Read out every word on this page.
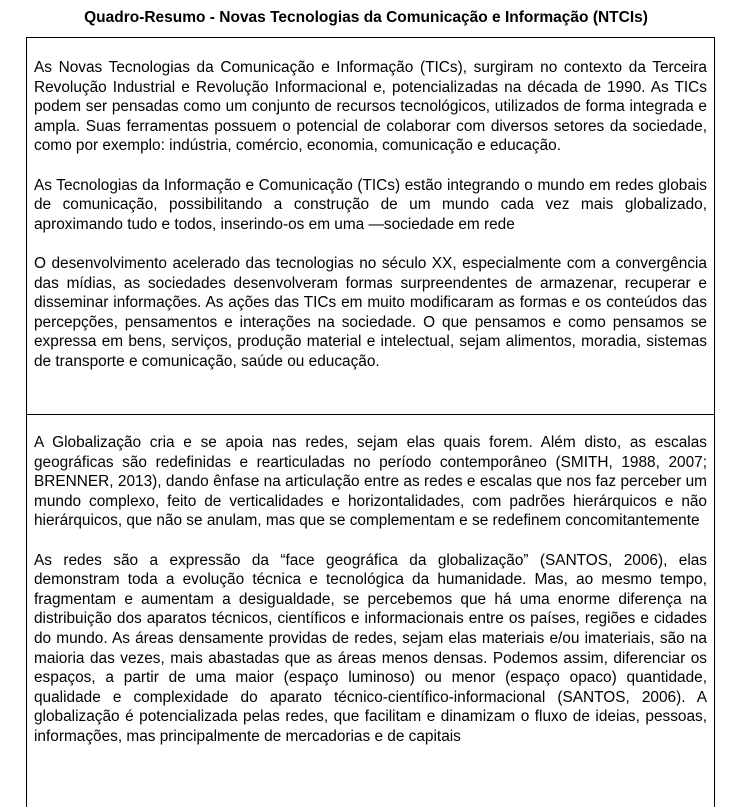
Quadro-Resumo - Novas Tecnologias da Comunicação e Informação (NTCIs)

As Novas Tecnologias da Comunicação e Informação (TICs), surgiram no contexto da Terceira Revolução Industrial e Revolução Informacional e, potencializadas na década de 1990. As TICs podem ser pensadas como um conjunto de recursos tecnológicos, utilizados de forma integrada e ampla. Suas ferramentas possuem o potencial de colaborar com diversos setores da sociedade, como por exemplo: indústria, comércio, economia, comunicação e educação.

As Tecnologias da Informação e Comunicação (TICs) estão integrando o mundo em redes globais de comunicação, possibilitando a construção de um mundo cada vez mais globalizado, aproximando tudo e todos, inserindo-os em uma ―sociedade em rede

O desenvolvimento acelerado das tecnologias no século XX, especialmente com a convergência das mídias, as sociedades desenvolveram formas surpreendentes de armazenar, recuperar e disseminar informações. As ações das TICs em muito modificaram as formas e os conteúdos das percepções, pensamentos e interações na sociedade. O que pensamos e como pensamos se expressa em bens, serviços, produção material e intelectual, sejam alimentos, moradia, sistemas de transporte e comunicação, saúde ou educação.

A Globalização cria e se apoia nas redes, sejam elas quais forem. Além disto, as escalas geográficas são redefinidas e rearticuladas no período contemporâneo (SMITH, 1988, 2007; BRENNER, 2013), dando ênfase na articulação entre as redes e escalas que nos faz perceber um mundo complexo, feito de verticalidades e horizontalidades, com padrões hierárquicos e não hierárquicos, que não se anulam, mas que se complementam e se redefinem concomitantemente

As redes são a expressão da “face geográfica da globalização” (SANTOS, 2006), elas demonstram toda a evolução técnica e tecnológica da humanidade. Mas, ao mesmo tempo, fragmentam e aumentam a desigualdade, se percebemos que há uma enorme diferença na distribuição dos aparatos técnicos, científicos e informacionais entre os países, regiões e cidades do mundo. As áreas densamente providas de redes, sejam elas materiais e/ou imateriais, são na maioria das vezes, mais abastadas que as áreas menos densas. Podemos assim, diferenciar os espaços, a partir de uma maior (espaço luminoso) ou menor (espaço opaco) quantidade, qualidade e complexidade do aparato técnico-científico-informacional (SANTOS, 2006). A globalização é potencializada pelas redes, que facilitam e dinamizam o fluxo de ideias, pessoas, informações, mas principalmente de mercadorias e de capitais
